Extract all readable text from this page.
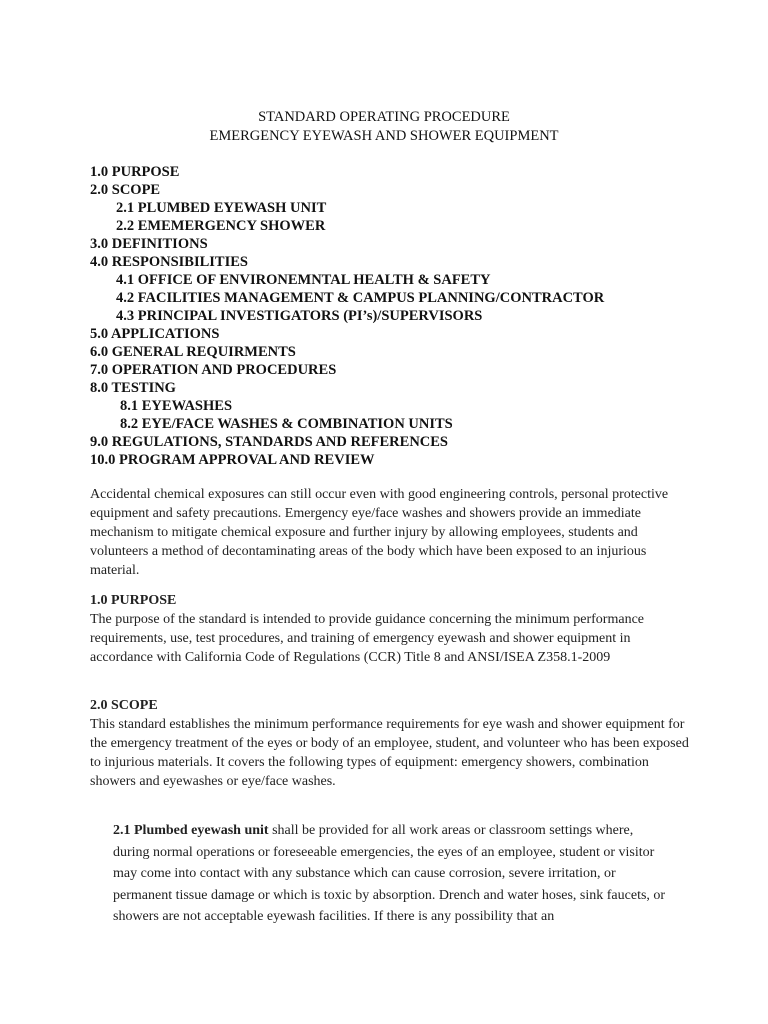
STANDARD OPERATING PROCEDURE
EMERGENCY EYEWASH AND SHOWER EQUIPMENT
1.0 PURPOSE
2.0 SCOPE
2.1 PLUMBED EYEWASH UNIT
2.2 EMEMERGENCY SHOWER
3.0 DEFINITIONS
4.0 RESPONSIBILITIES
4.1 OFFICE OF ENVIRONEMNTAL HEALTH & SAFETY
4.2 FACILITIES MANAGEMENT & CAMPUS PLANNING/CONTRACTOR
4.3 PRINCIPAL INVESTIGATORS (PI’s)/SUPERVISORS
5.0 APPLICATIONS
6.0 GENERAL REQUIRMENTS
7.0 OPERATION AND PROCEDURES
8.0 TESTING
8.1 EYEWASHES
8.2 EYE/FACE WASHES & COMBINATION UNITS
9.0 REGULATIONS, STANDARDS AND REFERENCES
10.0 PROGRAM APPROVAL AND REVIEW
Accidental chemical exposures can still occur even with good engineering controls, personal protective equipment and safety precautions. Emergency eye/face washes and showers provide an immediate mechanism to mitigate chemical exposure and further injury by allowing employees, students and volunteers a method of decontaminating areas of the body which have been exposed to an injurious material.
1.0 PURPOSE
The purpose of the standard is intended to provide guidance concerning the minimum performance requirements, use, test procedures, and training of emergency eyewash and shower equipment in accordance with California Code of Regulations (CCR) Title 8 and ANSI/ISEA Z358.1-2009
2.0 SCOPE
This standard establishes the minimum performance requirements for eye wash and shower equipment for the emergency treatment of the eyes or body of an employee, student, and volunteer who has been exposed to injurious materials. It covers the following types of equipment: emergency showers, combination showers and eyewashes or eye/face washes.
2.1 Plumbed eyewash unit shall be provided for all work areas or classroom settings where, during normal operations or foreseeable emergencies, the eyes of an employee, student or visitor may come into contact with any substance which can cause corrosion, severe irritation, or permanent tissue damage or which is toxic by absorption. Drench and water hoses, sink faucets, or showers are not acceptable eyewash facilities. If there is any possibility that an
